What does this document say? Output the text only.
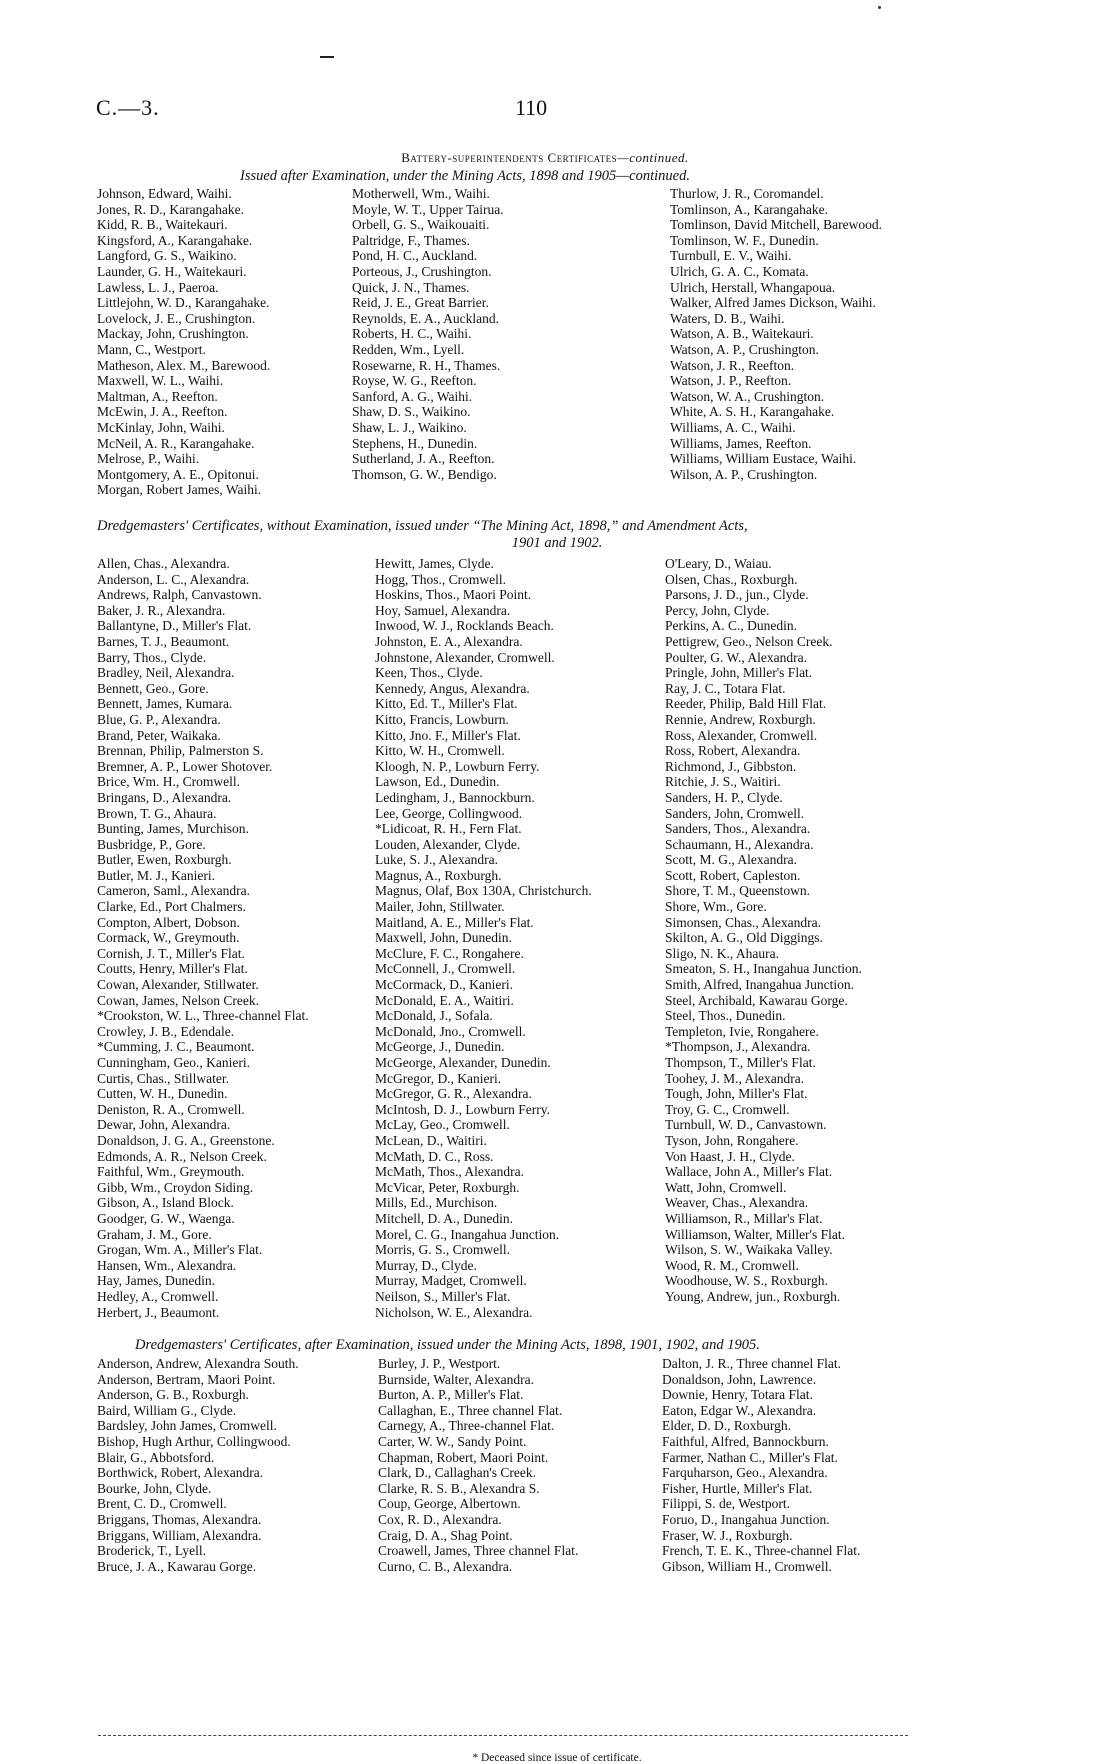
C.—3.	110
Battery-superintendents Certificates—continued.
Issued after Examination, under the Mining Acts, 1898 and 1905—continued.
Johnson, Edward, Waihi.
Jones, R. D., Karangahake.
Kidd, R. B., Waitekauri.
Kingsford, A., Karangahake.
Langford, G. S., Waikino.
Launder, G. H., Waitekauri.
Lawless, L. J., Paeroa.
Littlejohn, W. D., Karangahake.
Lovelock, J. E., Crushington.
Mackay, John, Crushington.
Mann, C., Westport.
Matheson, Alex. M., Barewood.
Maxwell, W. L., Waihi.
Maltman, A., Reefton.
McEwin, J. A., Reefton.
McKinlay, John, Waihi.
McNeil, A. R., Karangahake.
Melrose, P., Waihi.
Montgomery, A. E., Opitonui.
Morgan, Robert James, Waihi.
Motherwell, Wm., Waihi.
Moyle, W. T., Upper Tairua.
Orbell, G. S., Waikouaiti.
Paltridge, F., Thames.
Pond, H. C., Auckland.
Porteous, J., Crushington.
Quick, J. N., Thames.
Reid, J. E., Great Barrier.
Reynolds, E. A., Auckland.
Roberts, H. C., Waihi.
Redden, Wm., Lyell.
Rosewarne, R. H., Thames.
Royse, W. G., Reefton.
Sanford, A. G., Waihi.
Shaw, D. S., Waikino.
Shaw, L. J., Waikino.
Stephens, H., Dunedin.
Sutherland, J. A., Reefton.
Thomson, G. W., Bendigo.
Thurlow, J. R., Coromandel.
Tomlinson, A., Karangahake.
Tomlinson, David Mitchell, Barewood.
Tomlinson, W. F., Dunedin.
Turnbull, E. V., Waihi.
Ulrich, G. A. C., Komata.
Ulrich, Herstall, Whangapoua.
Walker, Alfred James Dickson, Waihi.
Waters, D. B., Waihi.
Watson, A. B., Waitekauri.
Watson, A. P., Crushington.
Watson, J. R., Reefton.
Watson, J. P., Reefton.
Watson, W. A., Crushington.
White, A. S. H., Karangahake.
Williams, A. C., Waihi.
Williams, James, Reefton.
Williams, William Eustace, Waihi.
Wilson, A. P., Crushington.
Dredgemasters' Certificates, without Examination, issued under “The Mining Act, 1898,” and Amendment Acts,
1901 and 1902.
Allen, Chas., Alexandra.
Anderson, L. C., Alexandra.
Andrews, Ralph, Canvastown.
Baker, J. R., Alexandra.
Ballantyne, D., Miller's Flat.
Barnes, T. J., Beaumont.
Barry, Thos., Clyde.
Bradley, Neil, Alexandra.
Bennett, Geo., Gore.
Bennett, James, Kumara.
Blue, G. P., Alexandra.
Brand, Peter, Waikaka.
Brennan, Philip, Palmerston S.
Bremner, A. P., Lower Shotover.
Brice, Wm. H., Cromwell.
Bringans, D., Alexandra.
Brown, T. G., Ahaura.
Bunting, James, Murchison.
Busbridge, P., Gore.
Butler, Ewen, Roxburgh.
Butler, M. J., Kanieri.
Cameron, Saml., Alexandra.
Clarke, Ed., Port Chalmers.
Compton, Albert, Dobson.
Cormack, W., Greymouth.
Cornish, J. T., Miller's Flat.
Coutts, Henry, Miller's Flat.
Cowan, Alexander, Stillwater.
Cowan, James, Nelson Creek.
*Crookston, W. L., Three-channel Flat.
Crowley, J. B., Edendale.
*Cumming, J. C., Beaumont.
Cunningham, Geo., Kanieri.
Curtis, Chas., Stillwater.
Cutten, W. H., Dunedin.
Deniston, R. A., Cromwell.
Dewar, John, Alexandra.
Donaldson, J. G. A., Greenstone.
Edmonds, A. R., Nelson Creek.
Faithful, Wm., Greymouth.
Gibb, Wm., Croydon Siding.
Gibson, A., Island Block.
Goodger, G. W., Waenga.
Graham, J. M., Gore.
Grogan, Wm. A., Miller's Flat.
Hansen, Wm., Alexandra.
Hay, James, Dunedin.
Hedley, A., Cromwell.
Herbert, J., Beaumont.
Hewitt, James, Clyde.
Hogg, Thos., Cromwell.
Hoskins, Thos., Maori Point.
Hoy, Samuel, Alexandra.
Inwood, W. J., Rocklands Beach.
Johnston, E. A., Alexandra.
Johnstone, Alexander, Cromwell.
Keen, Thos., Clyde.
Kennedy, Angus, Alexandra.
Kitto, Ed. T., Miller's Flat.
Kitto, Francis, Lowburn.
Kitto, Jno. F., Miller's Flat.
Kitto, W. H., Cromwell.
Kloogh, N. P., Lowburn Ferry.
Lawson, Ed., Dunedin.
Ledingham, J., Bannockburn.
Lee, George, Collingwood.
*Lidicoat, R. H., Fern Flat.
Louden, Alexander, Clyde.
Luke, S. J., Alexandra.
Magnus, A., Roxburgh.
Magnus, Olaf, Box 130A, Christchurch.
Mailer, John, Stillwater.
Maitland, A. E., Miller's Flat.
Maxwell, John, Dunedin.
McClure, F. C., Rongahere.
McConnell, J., Cromwell.
McCormack, D., Kanieri.
McDonald, E. A., Waitiri.
McDonald, J., Sofala.
McDonald, Jno., Cromwell.
McGeorge, J., Dunedin.
McGeorge, Alexander, Dunedin.
McGregor, D., Kanieri.
McGregor, G. R., Alexandra.
McIntosh, D. J., Lowburn Ferry.
McLay, Geo., Cromwell.
McLean, D., Waitiri.
McMath, D. C., Ross.
McMath, Thos., Alexandra.
McVicar, Peter, Roxburgh.
Mills, Ed., Murchison.
Mitchell, D. A., Dunedin.
Morel, C. G., Inangahua Junction.
Morris, G. S., Cromwell.
Murray, D., Clyde.
Murray, Madget, Cromwell.
Neilson, S., Miller's Flat.
Nicholson, W. E., Alexandra.
O'Leary, D., Waiau.
Olsen, Chas., Roxburgh.
Parsons, J. D., jun., Clyde.
Percy, John, Clyde.
Perkins, A. C., Dunedin.
Pettigrew, Geo., Nelson Creek.
Poulter, G. W., Alexandra.
Pringle, John, Miller's Flat.
Ray, J. C., Totara Flat.
Reeder, Philip, Bald Hill Flat.
Rennie, Andrew, Roxburgh.
Ross, Alexander, Cromwell.
Ross, Robert, Alexandra.
Richmond, J., Gibbston.
Ritchie, J. S., Waitiri.
Sanders, H. P., Clyde.
Sanders, John, Cromwell.
Sanders, Thos., Alexandra.
Schaumann, H., Alexandra.
Scott, M. G., Alexandra.
Scott, Robert, Capleston.
Shore, T. M., Queenstown.
Shore, Wm., Gore.
Simonsen, Chas., Alexandra.
Skilton, A. G., Old Diggings.
Sligo, N. K., Ahaura.
Smeaton, S. H., Inangahua Junction.
Smith, Alfred, Inangahua Junction.
Steel, Archibald, Kawarau Gorge.
Steel, Thos., Dunedin.
Templeton, Ivie, Rongahere.
*Thompson, J., Alexandra.
Thompson, T., Miller's Flat.
Toohey, J. M., Alexandra.
Tough, John, Miller's Flat.
Troy, G. C., Cromwell.
Turnbull, W. D., Canvastown.
Tyson, John, Rongahere.
Von Haast, J. H., Clyde.
Wallace, John A., Miller's Flat.
Watt, John, Cromwell.
Weaver, Chas., Alexandra.
Williamson, R., Millar's Flat.
Williamson, Walter, Miller's Flat.
Wilson, S. W., Waikaka Valley.
Wood, R. M., Cromwell.
Woodhouse, W. S., Roxburgh.
Young, Andrew, jun., Roxburgh.
Dredgemasters' Certificates, after Examination, issued under the Mining Acts, 1898, 1901, 1902, and 1905.
Anderson, Andrew, Alexandra South.
Anderson, Bertram, Maori Point.
Anderson, G. B., Roxburgh.
Baird, William G., Clyde.
Bardsley, John James, Cromwell.
Bishop, Hugh Arthur, Collingwood.
Blair, G., Abbotsford.
Borthwick, Robert, Alexandra.
Bourke, John, Clyde.
Brent, C. D., Cromwell.
Briggans, Thomas, Alexandra.
Briggans, William, Alexandra.
Broderick, T., Lyell.
Bruce, J. A., Kawarau Gorge.
Burley, J. P., Westport.
Burnside, Walter, Alexandra.
Burton, A. P., Miller's Flat.
Callaghan, E., Three channel Flat.
Carnegy, A., Three-channel Flat.
Carter, W. W., Sandy Point.
Chapman, Robert, Maori Point.
Clark, D., Callaghan's Creek.
Clarke, R. S. B., Alexandra S.
Coup, George, Albertown.
Cox, R. D., Alexandra.
Craig, D. A., Shag Point.
Croawell, James, Three channel Flat.
Curno, C. B., Alexandra.
Dalton, J. R., Three channel Flat.
Donaldson, John, Lawrence.
Downie, Henry, Totara Flat.
Eaton, Edgar W., Alexandra.
Elder, D. D., Roxburgh.
Faithful, Alfred, Bannockburn.
Farmer, Nathan C., Miller's Flat.
Farquharson, Geo., Alexandra.
Fisher, Hurtle, Miller's Flat.
Filippi, S. de, Westport.
Foruo, D., Inangahua Junction.
Fraser, W. J., Roxburgh.
French, T. E. K., Three-channel Flat.
Gibson, William H., Cromwell.
* Deceased since issue of certificate.
